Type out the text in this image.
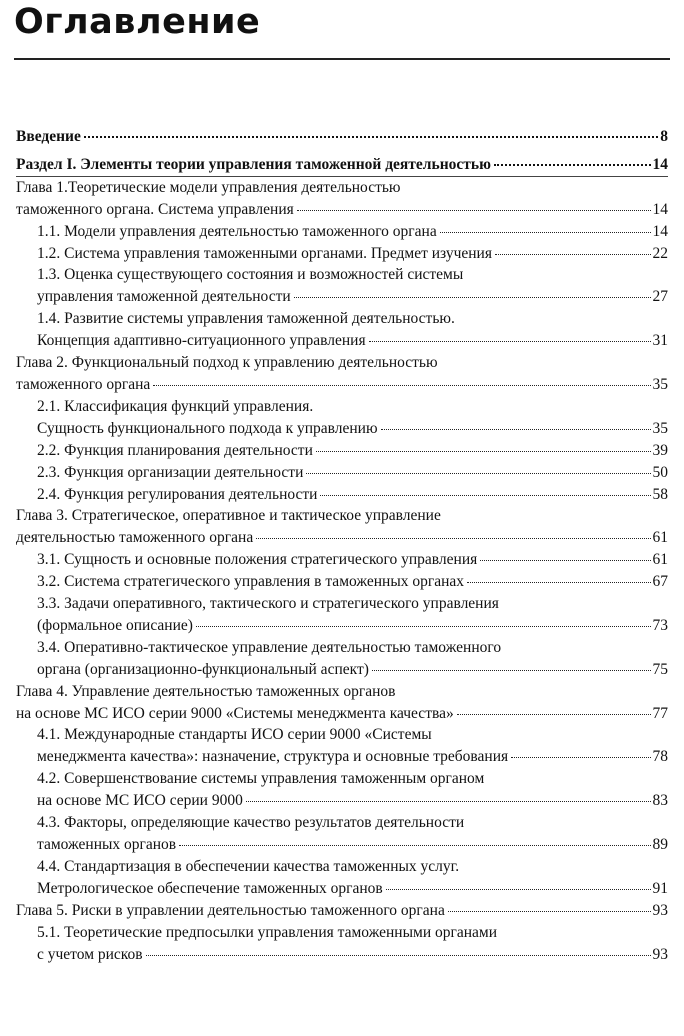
Оглавление
Введение	8
Раздел I. Элементы теории управления таможенной деятельностью	14
Глава 1.Теоретические модели управления деятельностью
таможенного органа. Система управления	14
1.1. Модели управления деятельностью таможенного органа	14
1.2. Система управления таможенными органами. Предмет изучения	22
1.3. Оценка существующего состояния и возможностей системы
управления таможенной деятельности	27
1.4. Развитие системы управления таможенной деятельностью.
Концепция адаптивно-ситуационного управления	31
Глава 2. Функциональный подход к управлению деятельностью
таможенного органа	35
2.1. Классификация функций управления.
Сущность функционального подхода к управлению	35
2.2. Функция планирования деятельности	39
2.3. Функция организации деятельности	50
2.4. Функция регулирования деятельности	58
Глава 3. Стратегическое, оперативное и тактическое управление
деятельностью таможенного органа	61
3.1. Сущность и основные положения стратегического управления	61
3.2. Система стратегического управления в таможенных органах	67
3.3. Задачи оперативного, тактического и стратегического управления
(формальное описание)	73
3.4. Оперативно-тактическое управление деятельностью таможенного
органа (организационно-функциональный аспект)	75
Глава 4. Управление деятельностью таможенных органов
на основе МС ИСО серии 9000 «Системы менеджмента качества»	77
4.1. Международные стандарты ИСО серии 9000 «Системы
менеджмента качества»: назначение, структура и основные требования	78
4.2. Совершенствование системы управления таможенным органом
на основе МС ИСО серии 9000	83
4.3. Факторы, определяющие качество результатов деятельности
таможенных органов	89
4.4. Стандартизация в обеспечении качества таможенных услуг.
Метрологическое обеспечение таможенных органов	91
Глава 5. Риски в управлении деятельностью таможенного органа	93
5.1. Теоретические предпосылки управления таможенными органами
с учетом рисков	93
